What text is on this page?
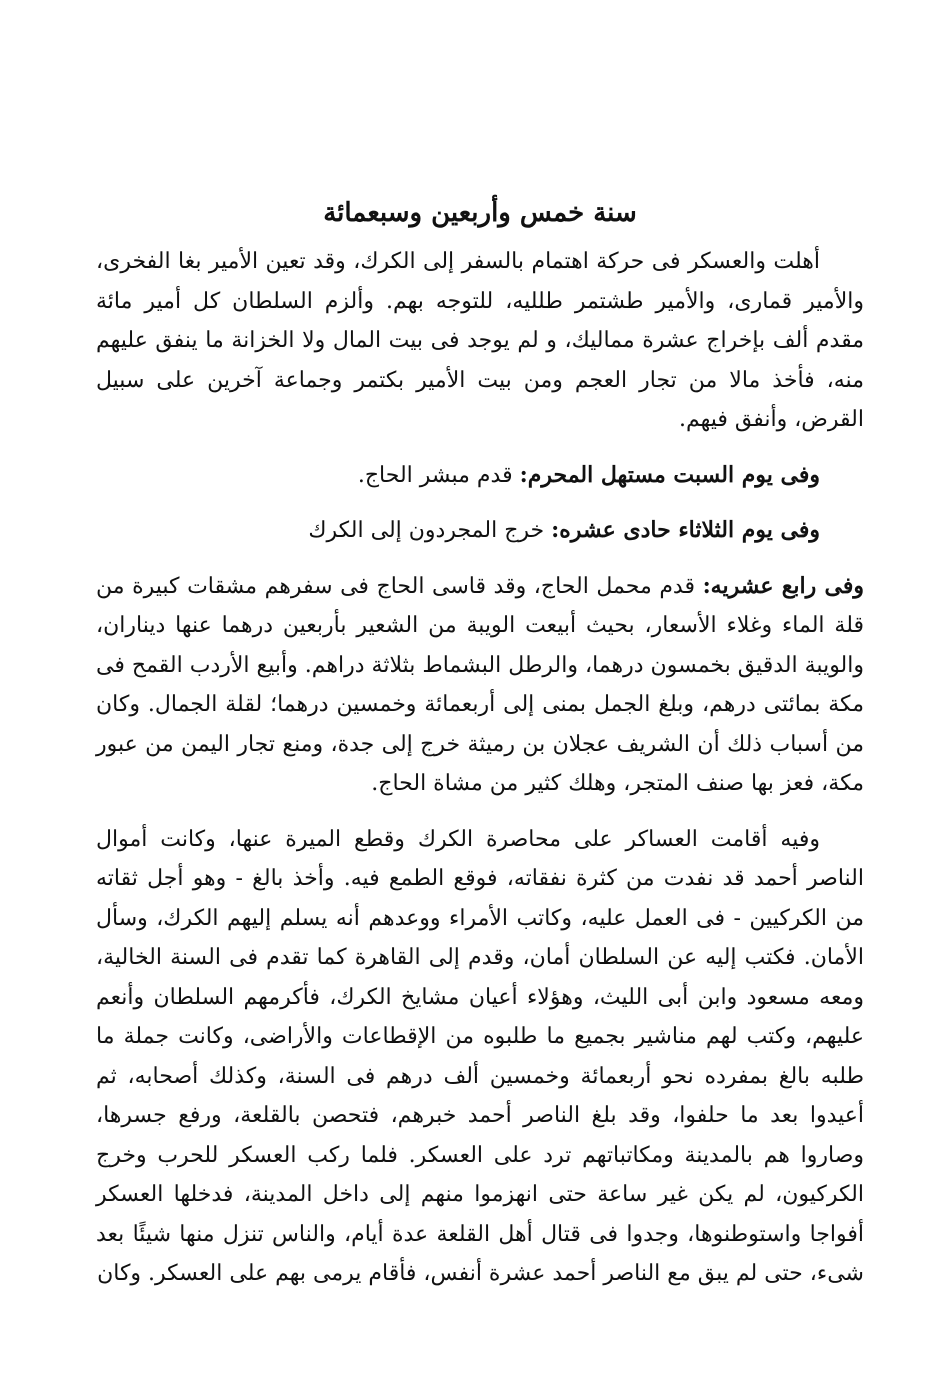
سنة خمس وأربعين وسبعمائة

أهلت والعسكر فى حركة اهتمام بالسفر إلى الكرك، وقد تعين الأمير بغا الفخرى، والأمير قمارى، والأمير طشتمر طلليه، للتوجه بهم. وألزم السلطان كل أمير مائة مقدم ألف بإخراج عشرة مماليك، و لم يوجد فى بيت المال ولا الخزانة ما ينفق عليهم منه، فأخذ مالا من تجار العجم ومن بيت الأمير بكتمر وجماعة آخرين على سبيل القرض، وأنفق فيهم.

وفى يوم السبت مستهل المحرم: قدم مبشر الحاج.

وفى يوم الثلاثاء حادى عشره: خرج المجردون إلى الكرك

وفى رابع عشريه: قدم محمل الحاج، وقد قاسى الحاج فى سفرهم مشقات كبيرة من قلة الماء وغلاء الأسعار، بحيث أبيعت الويبة من الشعير بأربعين درهما عنها ديناران، والويبة الدقيق بخمسون درهما، والرطل البشماط بثلاثة دراهم. وأبيع الأردب القمح فى مكة بمائتى درهم، وبلغ الجمل بمنى إلى أربعمائة وخمسين درهما؛ لقلة الجمال. وكان من أسباب ذلك أن الشريف عجلان بن رميثة خرج إلى جدة، ومنع تجار اليمن من عبور مكة، فعز بها صنف المتجر، وهلك كثير من مشاة الحاج.

وفيه أقامت العساكر على محاصرة الكرك وقطع الميرة عنها، وكانت أموال الناصر أحمد قد نفدت من كثرة نفقاته، فوقع الطمع فيه. وأخذ بالغ - وهو أجل ثقاته من الكركيين - فى العمل عليه، وكاتب الأمراء ووعدهم أنه يسلم إليهم الكرك، وسأل الأمان. فكتب إليه عن السلطان أمان، وقدم إلى القاهرة كما تقدم فى السنة الخالية، ومعه مسعود وابن أبى الليث، وهؤلاء أعيان مشايخ الكرك، فأكرمهم السلطان وأنعم عليهم، وكتب لهم مناشير بجميع ما طلبوه من الإقطاعات والأراضى، وكانت جملة ما طلبه بالغ بمفرده نحو أربعمائة وخمسين ألف درهم فى السنة، وكذلك أصحابه، ثم أعيدوا بعد ما حلفوا، وقد بلغ الناصر أحمد خبرهم، فتحصن بالقلعة، ورفع جسرها، وصاروا هم بالمدينة ومكاتباتهم ترد على العسكر. فلما ركب العسكر للحرب وخرج الكركيون، لم يكن غير ساعة حتى انهزموا منهم إلى داخل المدينة، فدخلها العسكر أفواجا واستوطنوها، وجدوا فى قتال أهل القلعة عدة أيام، والناس تنزل منها شيئًا بعد شىء، حتى لم يبق مع الناصر أحمد عشرة أنفس، فأقام يرمى بهم على العسكر. وكان
